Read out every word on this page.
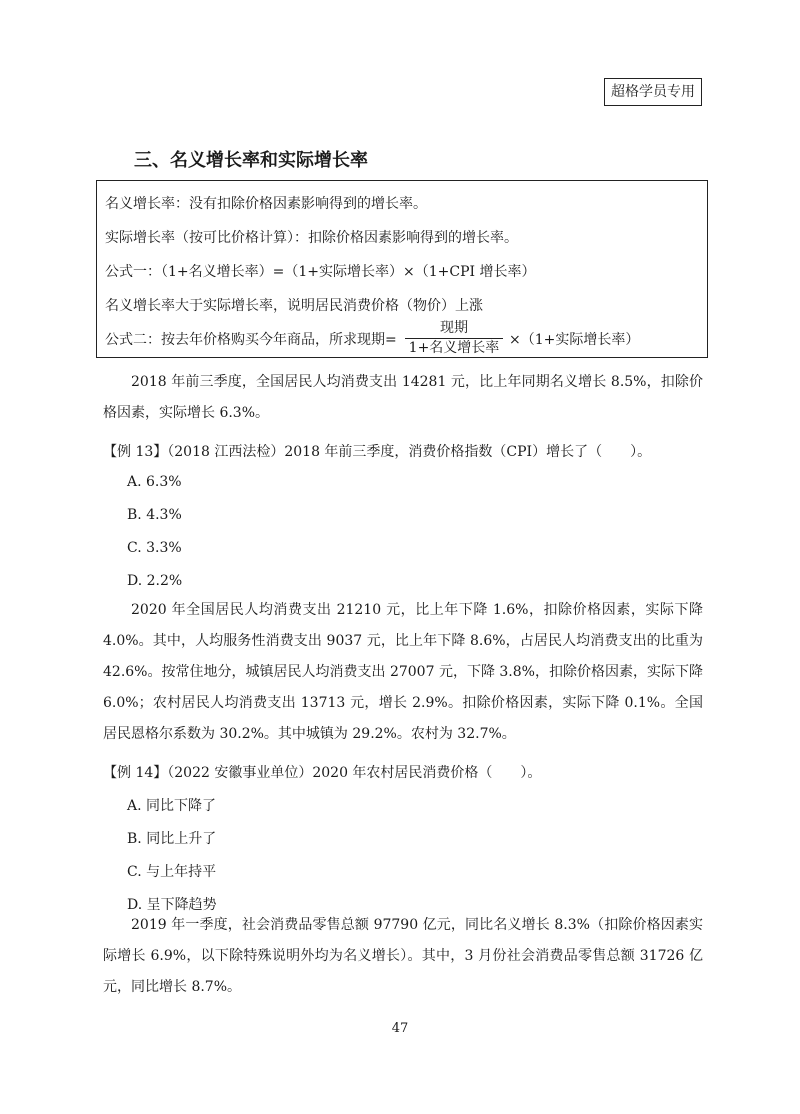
超格学员专用
三、名义增长率和实际增长率
名义增长率：没有扣除价格因素影响得到的增长率。
实际增长率（按可比价格计算）：扣除价格因素影响得到的增长率。
公式一：（1+名义增长率）=（1+实际增长率）×（1+CPI 增长率）
名义增长率大于实际增长率，说明居民消费价格（物价）上涨
公式二：按去年价格购买今年商品，所求现期=
现期
1+名义增长率 ×（1+实际增长率）
2018 年前三季度，全国居民人均消费支出 14281 元，比上年同期名义增长 8.5%，扣除价格因素，实际增长 6.3%。
【例 13】（2018 江西法检）2018 年前三季度，消费价格指数（CPI）增长了（　　）。
A. 6.3%
B. 4.3%
C. 3.3%
D. 2.2%
2020 年全国居民人均消费支出 21210 元，比上年下降 1.6%，扣除价格因素，实际下降 4.0%。其中，人均服务性消费支出 9037 元，比上年下降 8.6%，占居民人均消费支出的比重为 42.6%。按常住地分，城镇居民人均消费支出 27007 元，下降 3.8%，扣除价格因素，实际下降 6.0%；农村居民人均消费支出 13713 元，增长 2.9%。扣除价格因素，实际下降 0.1%。全国居民恩格尔系数为 30.2%。其中城镇为 29.2%。农村为 32.7%。
【例 14】（2022 安徽事业单位）2020 年农村居民消费价格（　　）。
A. 同比下降了
B. 同比上升了
C. 与上年持平
D. 呈下降趋势
2019 年一季度，社会消费品零售总额 97790 亿元，同比名义增长 8.3%（扣除价格因素实际增长 6.9%，以下除特殊说明外均为名义增长）。其中，3 月份社会消费品零售总额 31726 亿元，同比增长 8.7%。
47
